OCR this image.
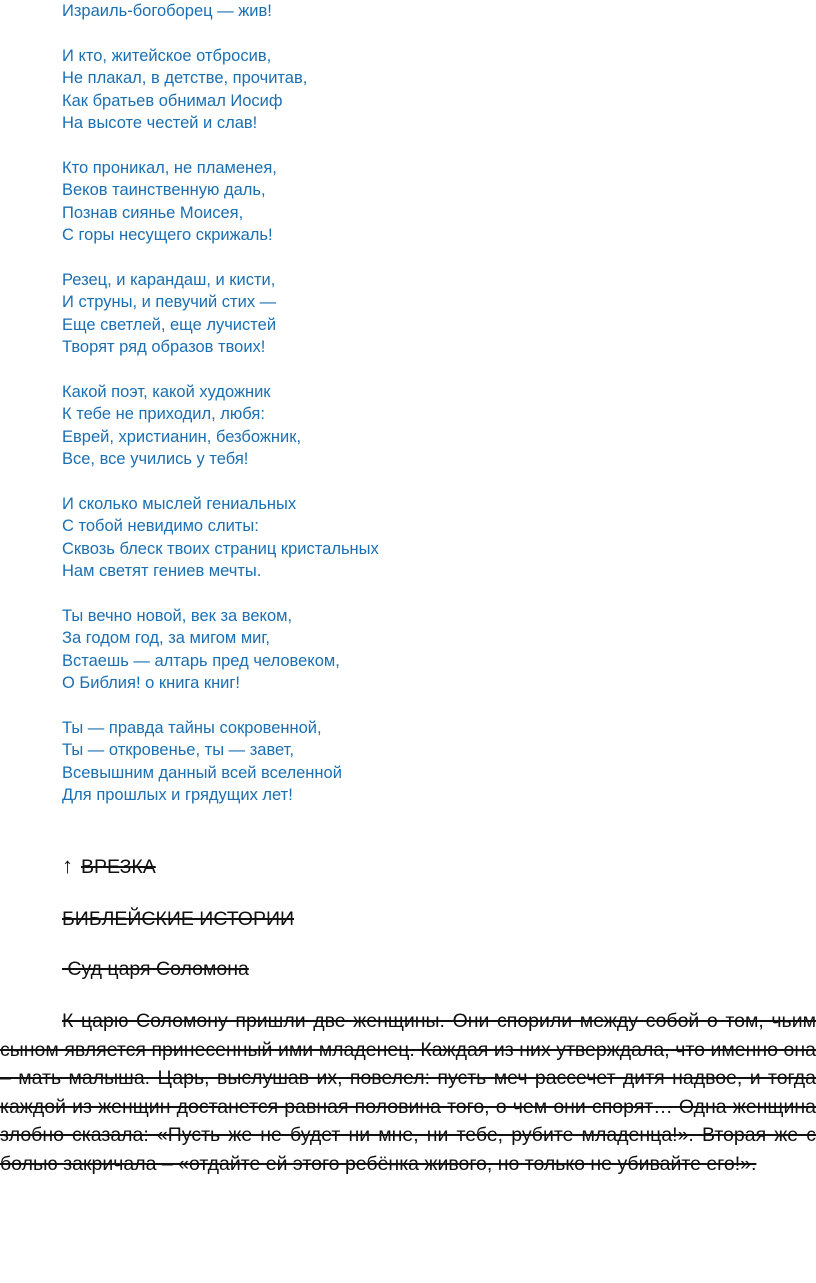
Израиль-богоборец — жив!
И кто, житейское отбросив,
Не плакал, в детстве, прочитав,
Как братьев обнимал Иосиф
На высоте честей и слав!
Кто проникал, не пламенея,
Веков таинственную даль,
Познав сиянье Моисея,
С горы несущего скрижаль!
Резец, и карандаш, и кисти,
И струны, и певучий стих —
Еще светлей, еще лучистей
Творят ряд образов твоих!
Какой поэт, какой художник
К тебе не приходил, любя:
Еврей, христианин, безбожник,
Все, все учились у тебя!
И сколько мыслей гениальных
С тобой невидимо слиты:
Сквозь блеск твоих страниц кристальных
Нам светят гениев мечты.
Ты вечно новой, век за веком,
За годом год, за мигом миг,
Встаешь — алтарь пред человеком,
О Библия! о книга книг!
Ты — правда тайны сокровенной,
Ты — откровенье, ты — завет,
Всевышним данный всей вселенной
Для прошлых и грядущих лет!
↑ ВРЕЗКА
БИБЛЕЙСКИЕ ИСТОРИИ
Суд царя Соломона
К царю Соломону пришли две женщины. Они спорили между собой о том, чьим сыном является принесенный ими младенец. Каждая из них утверждала, что именно она – мать малыша. Царь, выслушав их, повелел: пусть меч рассечет дитя надвое, и тогда каждой из женщин достанется равная половина того, о чем они спорят… Одна женщина злобно сказала: «Пусть же не будет ни мне, ни тебе, рубите младенца!». Вторая же с болью закричала – «отдайте ей этого ребёнка живого, но только не убивайте его!».
